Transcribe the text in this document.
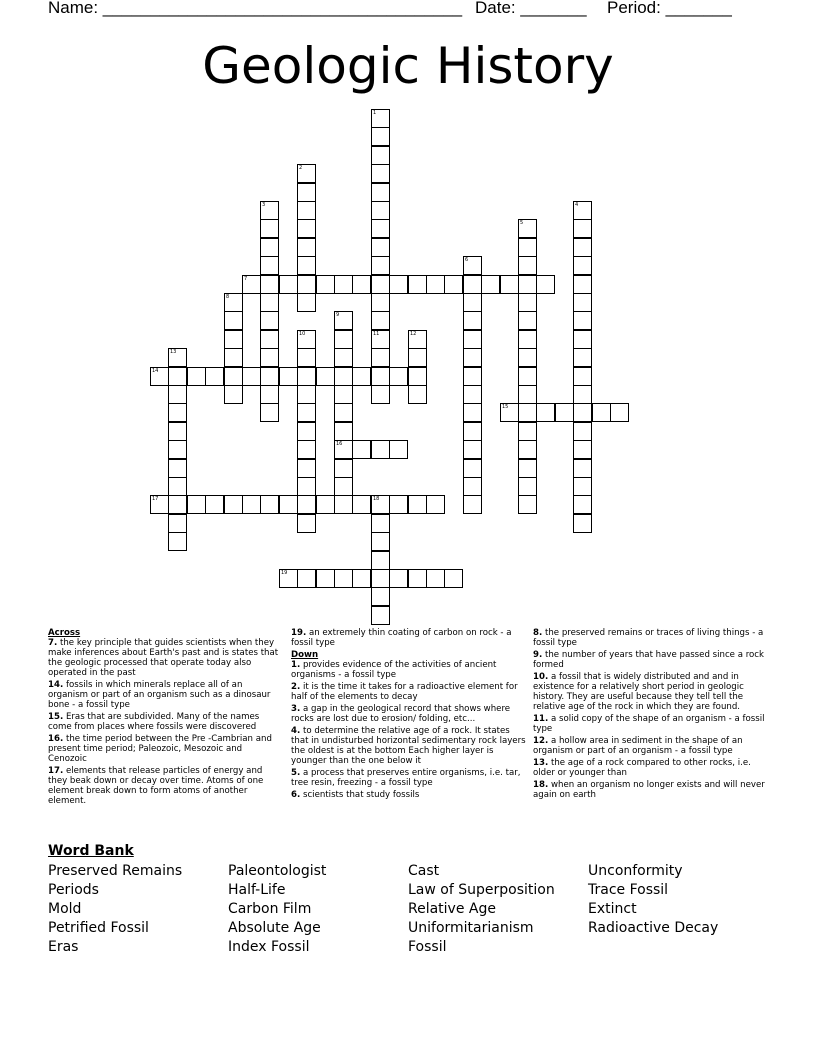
Name: ______________________________________ Date: _______ Period: _______
Geologic History
1
11
2
3	4
5
6
7
8
9
16
10	12
13
14
15
17	18
19
Across
7. the key principle that guides scientists when they make inferences about Earth's past and is states that the geologic processed that operate today also operated in the past
14. fossils in which minerals replace all of an organism or part of an organism such as a dinosaur bone - a fossil type
15. Eras that are subdivided. Many of the names come from places where fossils were discovered
16. the time period between the Pre -Cambrian and present time period; Paleozoic, Mesozoic and Cenozoic
17. elements that release particles of energy and they beak down or decay over time. Atoms of one element break down to form atoms of another element.
19. an extremely thin coating of carbon on rock - a fossil type
Down
1. provides evidence of the activities of ancient organisms - a fossil type
2. it is the time it takes for a radioactive element for half of the elements to decay
3. a gap in the geological record that shows where rocks are lost due to erosion/ folding, etc...
4. to determine the relative age of a rock. It states that in undisturbed horizontal sedimentary rock layers the oldest is at the bottom Each higher layer is younger than the one below it
5. a process that preserves entire organisms, i.e. tar, tree resin, freezing - a fossil type
6. scientists that study fossils
8. the preserved remains or traces of living things - a fossil type
9. the number of years that have passed since a rock formed
10. a fossil that is widely distributed and and in existence for a relatively short period in geologic history. They are useful because they tell tell the relative age of the rock in which they are found.
11. a solid copy of the shape of an organism - a fossil type
12. a hollow area in sediment in the shape of an organism or part of an organism - a fossil type
13. the age of a rock compared to other rocks, i.e. older or younger than
18. when an organism no longer exists and will never again on earth
Word Bank
Preserved Remains
Periods
Mold
Petrified Fossil
Eras
Paleontologist
Half-Life
Carbon Film
Absolute Age
Index Fossil
Cast
Law of Superposition
Relative Age
Uniformitarianism
Fossil
Unconformity
Trace Fossil
Extinct
Radioactive Decay
